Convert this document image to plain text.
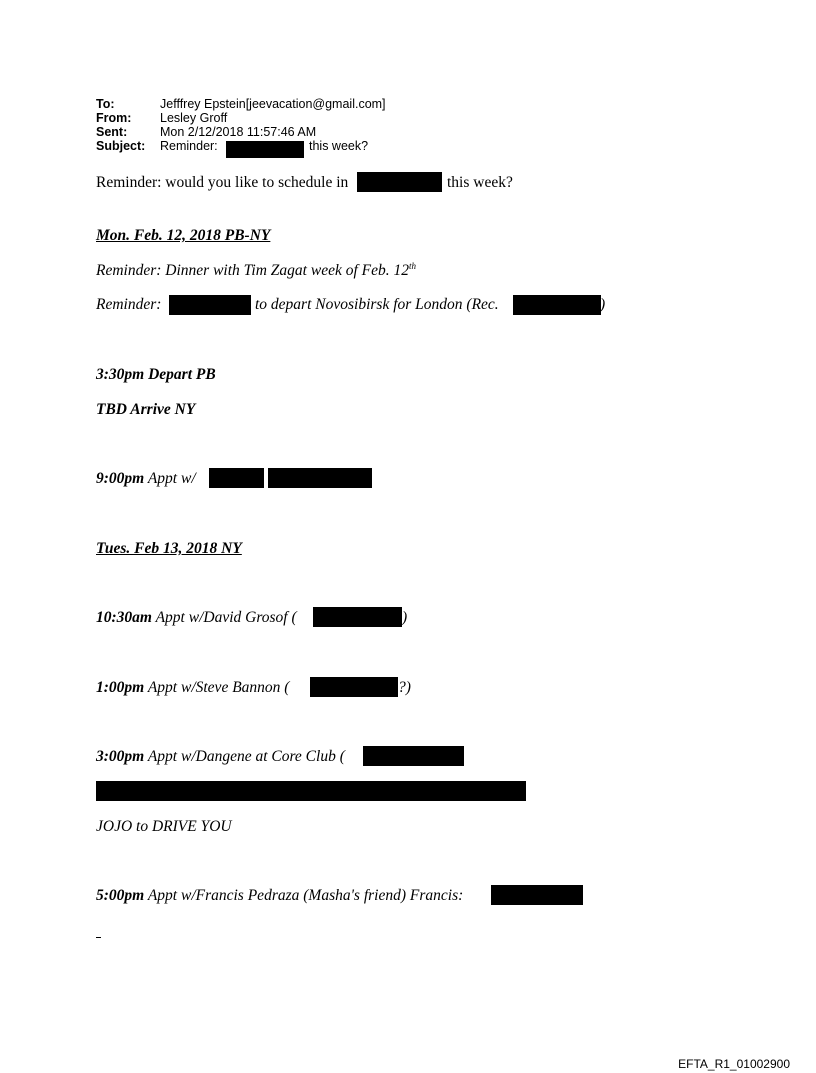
To:	Jefffrey Epstein[jeevacation@gmail.com]
From: Lesley Groff
Sent:	Mon 2/12/2018 11:57:46 AM
Subject: Reminder:	this week?
Reminder: would you like to schedule in	this week?
Mon. Feb. 12, 2018 PB-NY
Reminder: Dinner with Tim Zagat week of Feb. 12th
Reminder:	to depart Novosibirsk for London (Rec.	)
3:30pm Depart PB
TBD Arrive NY
9:00pm Appt w/
Tues. Feb 13, 2018 NY
10:30am Appt w/David Grosof (	)
1:00pm Appt w/Steve Bannon (	?)
3:00pm Appt w/Dangene at Core Club (
JOJO to DRIVE YOU
5:00pm Appt w/Francis Pedraza (Masha's friend) Francis:
EFTA_R1_01002900
